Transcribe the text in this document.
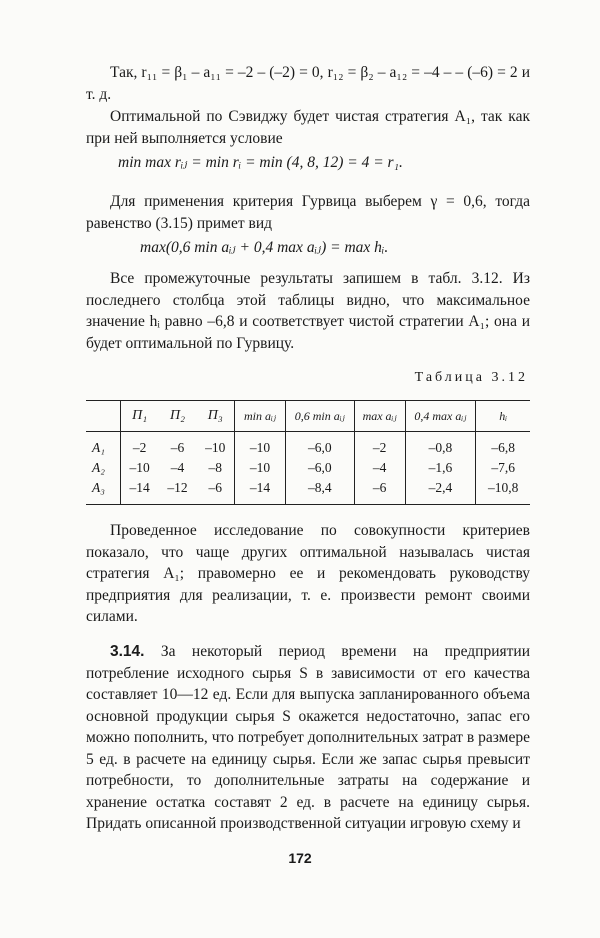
Так, r₁₁ = β₁ – a₁₁ = –2 – (–2) = 0, r₁₂ = β₂ – a₁₂ = –4 – – (–6) = 2 и т. д.

Оптимальной по Сэвиджу будет чистая стратегия A₁, так как при ней выполняется условие

min max rᵢⱼ = min rᵢ = min (4, 8, 12) = 4 = r₁.

Для применения критерия Гурвица выберем γ = 0,6, тогда равенство (3.15) примет вид

max(0,6 min aᵢⱼ + 0,4 max aᵢⱼ) = max hᵢ.

Все промежуточные результаты запишем в табл. 3.12. Из последнего столбца этой таблицы видно, что максимальное значение hᵢ равно –6,8 и соответствует чистой стратегии A₁; она и будет оптимальной по Гурвицу.

Таблица 3.12
	П₁	П₂	П₃	min aᵢⱼ	0,6 min aᵢⱼ	max aᵢⱼ	0,4 max aᵢⱼ	hᵢ
A₁	–2	–6	–10	–10	–6,0	–2	–0,8	–6,8
A₂	–10	–4	–8	–10	–6,0	–4	–1,6	–7,6
A₃	–14	–12	–6	–14	–8,4	–6	–2,4	–10,8

Проведенное исследование по совокупности критериев показало, что чаще других оптимальной называлась чистая стратегия A₁; правомерно ее и рекомендовать руководству предприятия для реализации, т. е. произвести ремонт своими силами.

3.14. За некоторый период времени на предприятии потребление исходного сырья S в зависимости от его качества составляет 10—12 ед. Если для выпуска запланированного объема основной продукции сырья S окажется недостаточно, запас его можно пополнить, что потребует дополнительных затрат в размере 5 ед. в расчете на единицу сырья. Если же запас сырья превысит потребности, то дополнительные затраты на содержание и хранение остатка составят 2 ед. в расчете на единицу сырья. Придать описанной производственной ситуации игровую схему и

172
